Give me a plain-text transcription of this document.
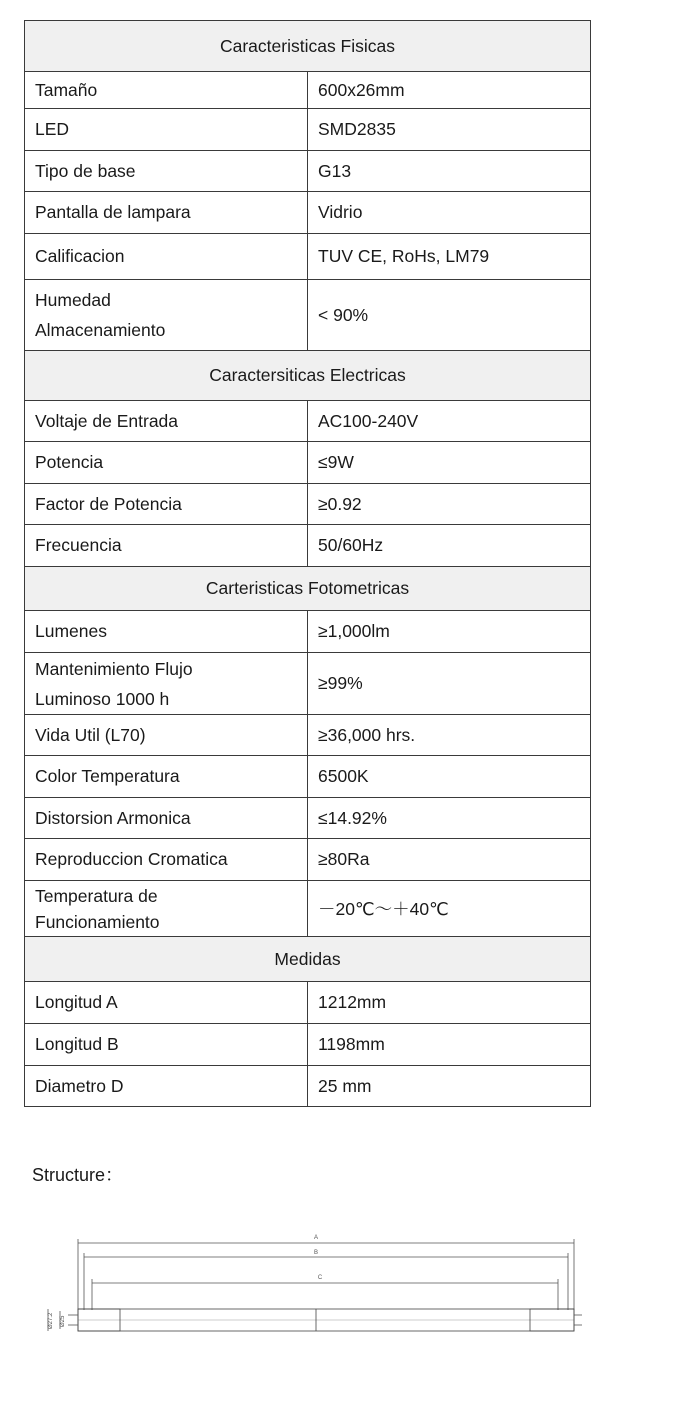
Caracteristicas Fisicas	
Tamaño	600x26mm
LED	SMD2835
Tipo de base	G13
Pantalla de lampara	Vidrio
Calificacion	TUV CE, RoHs, LM79

Humedad
Almacenamiento	< 90%
Caractersiticas Electricas	
Voltaje de Entrada	AC100-240V
Potencia	≤9W
Factor de Potencia	≥0.92
Frecuencia	50/60Hz
Carteristicas Fotometricas	
Lumenes	≥1,000lm

Mantenimiento Flujo
Luminoso 1000 h	≥99%
Vida Util (L70)	≥36,000 hrs.
Color Temperatura	6500K
Distorsion Armonica	≤14.92%
Reproduccion Cromatica	≥80Ra

Temperatura de
Funcionamiento	－20℃～＋40℃
Medidas	
Longitud A	1212mm
Longitud B	1198mm
Diametro D	25 mm
Structure：
A
B
C
Ø27.2 Ø25
